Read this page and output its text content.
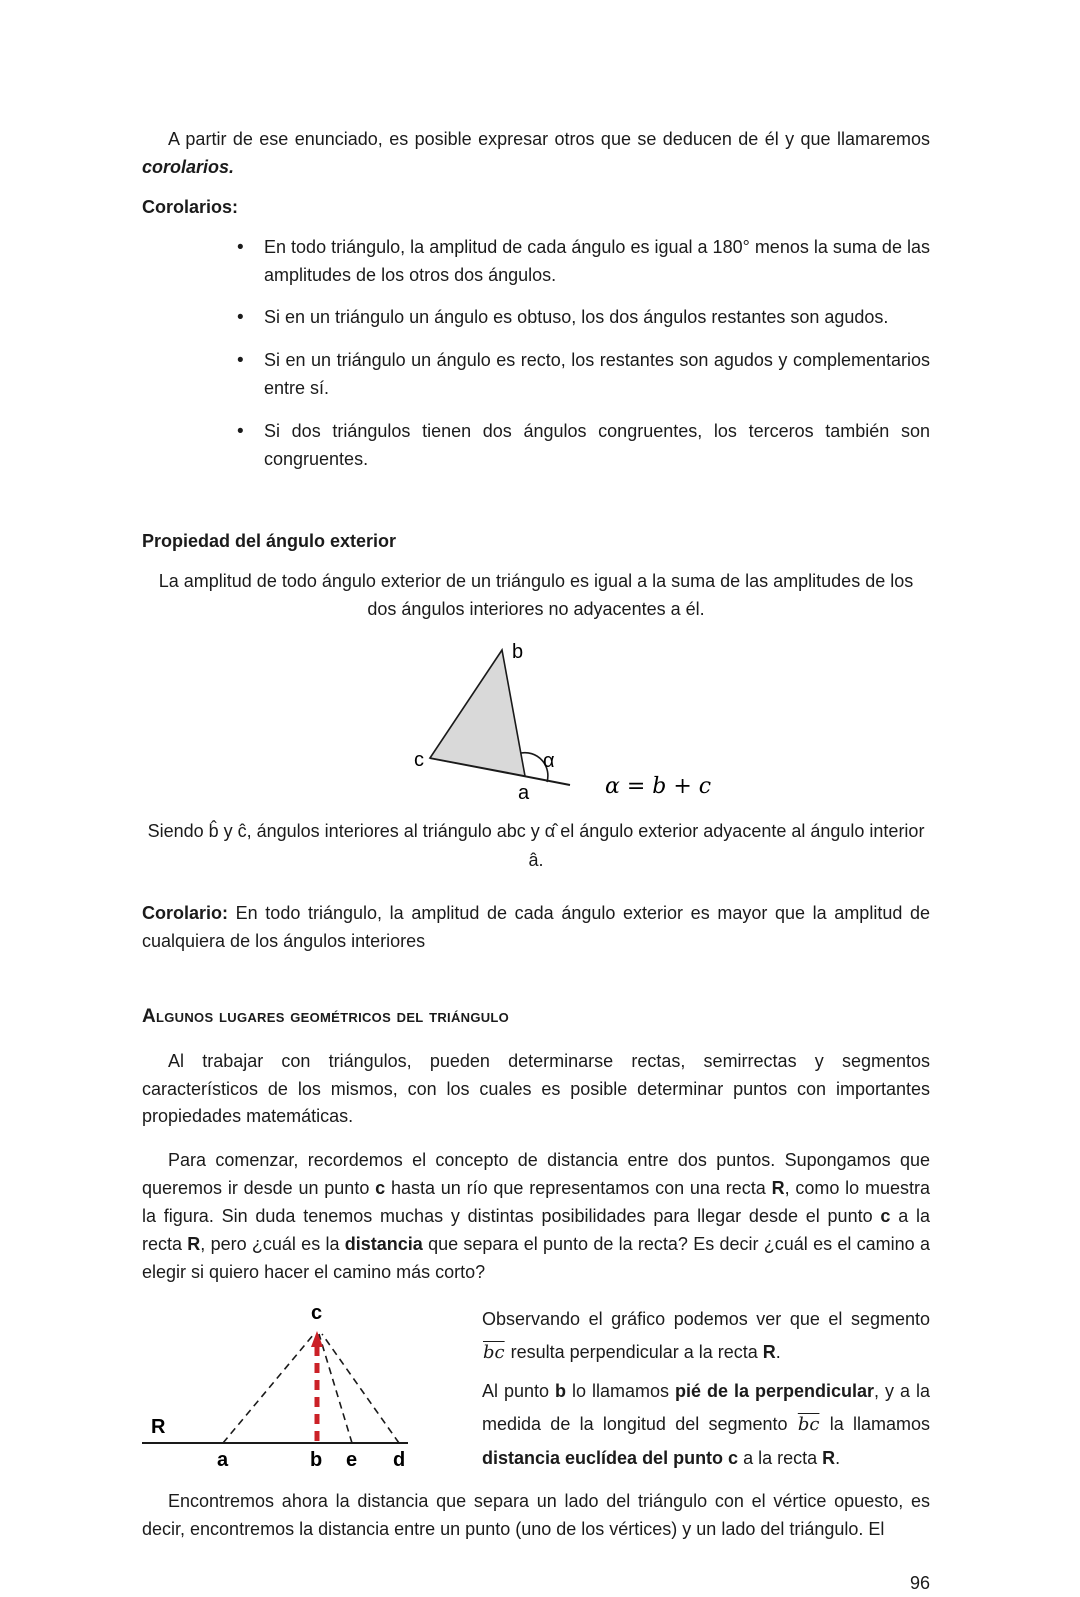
A partir de ese enunciado, es posible expresar otros que se deducen de él y que llamaremos corolarios.

Corolarios:

• En todo triángulo, la amplitud de cada ángulo es igual a 180° menos la suma de las amplitudes de los otros dos ángulos.
• Si en un triángulo un ángulo es obtuso, los dos ángulos restantes son agudos.
• Si en un triángulo un ángulo es recto, los restantes son agudos y complementarios entre sí.
• Si dos triángulos tienen dos ángulos congruentes, los terceros también son congruentes.

Propiedad del ángulo exterior

La amplitud de todo ángulo exterior de un triángulo es igual a la suma de las amplitudes de los dos ángulos interiores no adyacentes a él.

b
c
a
α
α = b + c

Siendo b̂ y ĉ, ángulos interiores al triángulo abc y α̂ el ángulo exterior adyacente al ángulo interior â.

Corolario: En todo triángulo, la amplitud de cada ángulo exterior es mayor que la amplitud de cualquiera de los ángulos interiores

Algunos lugares geométricos del triángulo

Al trabajar con triángulos, pueden determinarse rectas, semirrectas y segmentos característicos de los mismos, con los cuales es posible determinar puntos con importantes propiedades matemáticas.

Para comenzar, recordemos el concepto de distancia entre dos puntos. Supongamos que queremos ir desde un punto c hasta un río que representamos con una recta R, como lo muestra la figura. Sin duda tenemos muchas y distintas posibilidades para llegar desde el punto c a la recta R, pero ¿cuál es la distancia que separa el punto de la recta? Es decir ¿cuál es el camino a elegir si quiero hacer el camino más corto?

c
R
a	b e d

Observando el gráfico podemos ver que el segmento $\overline{bc}$ resulta perpendicular a la recta R.

Al punto b lo llamamos pié de la perpendicular, y a la medida de la longitud del segmento $\overline{bc}$ la llamamos distancia euclídea del punto c a la recta R.

Encontremos ahora la distancia que separa un lado del triángulo con el vértice opuesto, es decir, encontremos la distancia entre un punto (uno de los vértices) y un lado del triángulo. El

96
